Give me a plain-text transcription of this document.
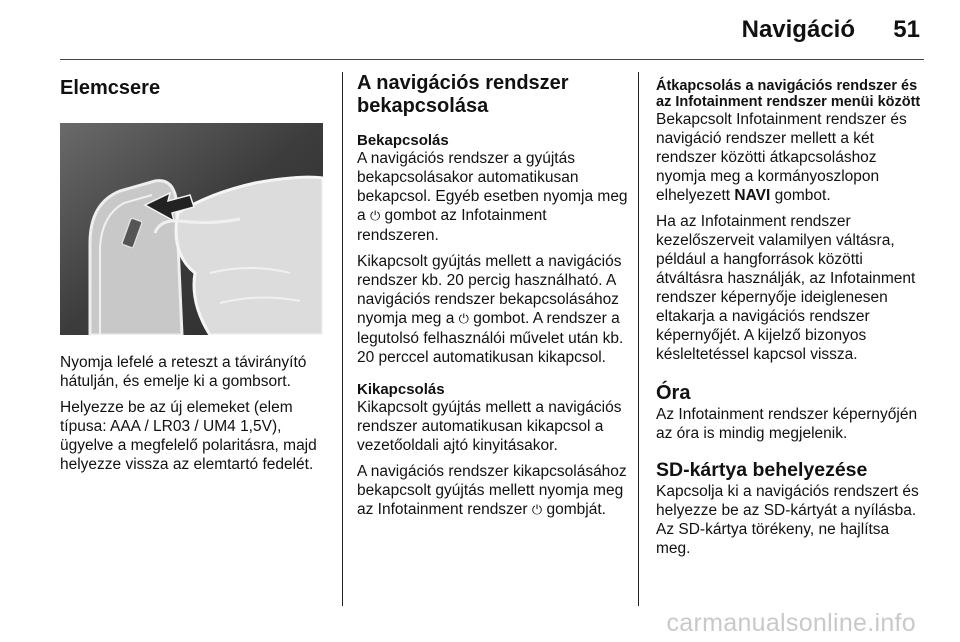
Navigáció 51
Elemcsere

Nyomja lefelé a reteszt a távirányító hátulján, és emelje ki a gombsort.

Helyezze be az új elemeket (elem típusa: AAA / LR03 / UM4 1,5V), ügyelve a megfelelő polaritásra, majd helyezze vissza az elemtartó fedelét.

A navigációs rendszer bekapcsolása
Bekapcsolás

A navigációs rendszer a gyújtás bekapcsolásakor automatikusan bekapcsol. Egyéb esetben nyomja meg a ⏻ gombot az Infotainment rendszeren.

Kikapcsolt gyújtás mellett a navigációs rendszer kb. 20 percig használható. A navigációs rendszer bekapcsolásához nyomja meg a ⏻ gombot. A rendszer a legutolsó felhasználói művelet után kb. 20 perccel automatikusan kikapcsol.

Kikapcsolás

Kikapcsolt gyújtás mellett a navigációs rendszer automatikusan kikapcsol a vezetőoldali ajtó kinyitásakor.

A navigációs rendszer kikapcsolásához bekapcsolt gyújtás mellett nyomja meg az Infotainment rendszer ⏻ gombját.

Átkapcsolás a navigációs rendszer és az Infotainment rendszer menüi között

Bekapcsolt Infotainment rendszer és navigáció rendszer mellett a két rendszer közötti átkapcsoláshoz nyomja meg a kormányoszlopon elhelyezett NAVI gombot.

Ha az Infotainment rendszer kezelőszerveit valamilyen váltásra, például a hangforrások közötti átváltásra használják, az Infotainment rendszer képernyője ideiglenesen eltakarja a navigációs rendszer képernyőjét. A kijelző bizonyos késleltetéssel kapcsol vissza.

Óra

Az Infotainment rendszer képernyőjén az óra is mindig megjelenik.

SD-kártya behelyezése

Kapcsolja ki a navigációs rendszert és helyezze be az SD-kártyát a nyílásba. Az SD-kártya törékeny, ne hajlítsa meg.

carmanualsonline.info
